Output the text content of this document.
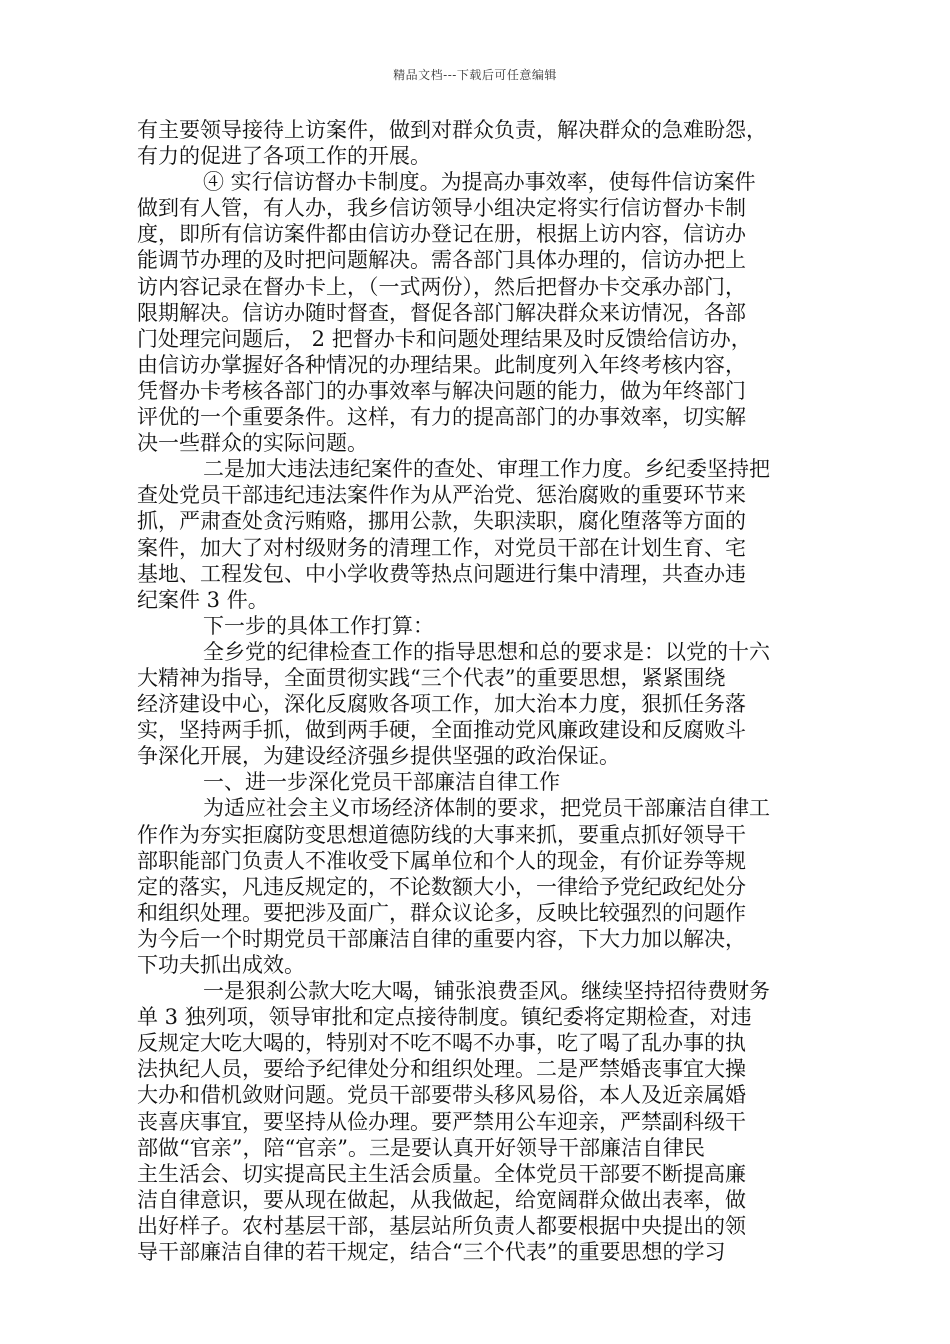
精品文档---下载后可任意编辑
有主要领导接待上访案件，做到对群众负责，解决群众的急难盼怨，
有力的促进了各项工作的开展。
④ 实行信访督办卡制度。为提高办事效率，使每件信访案件
做到有人管，有人办，我乡信访领导小组决定将实行信访督办卡制
度，即所有信访案件都由信访办登记在册，根据上访内容，信访办
能调节办理的及时把问题解决。需各部门具体办理的，信访办把上
访内容记录在督办卡上，（一式两份），然后把督办卡交承办部门，
限期解决。信访办随时督查，督促各部门解决群众来访情况，各部
门处理完问题后， 2 把督办卡和问题处理结果及时反馈给信访办，
由信访办掌握好各种情况的办理结果。此制度列入年终考核内容，
凭督办卡考核各部门的办事效率与解决问题的能力，做为年终部门
评优的一个重要条件。这样，有力的提高部门的办事效率，切实解
决一些群众的实际问题。
二是加大违法违纪案件的查处、审理工作力度。乡纪委坚持把
查处党员干部违纪违法案件作为从严治党、惩治腐败的重要环节来
抓，严肃查处贪污贿赂，挪用公款，失职渎职，腐化堕落等方面的
案件，加大了对村级财务的清理工作，对党员干部在计划生育、宅
基地、工程发包、中小学收费等热点问题进行集中清理，共查办违
纪案件 3 件。
下一步的具体工作打算：
全乡党的纪律检查工作的指导思想和总的要求是：以党的十六
大精神为指导，全面贯彻实践“三个代表”的重要思想，紧紧围绕
经济建设中心，深化反腐败各项工作，加大治本力度，狠抓任务落
实，坚持两手抓，做到两手硬，全面推动党风廉政建设和反腐败斗
争深化开展，为建设经济强乡提供坚强的政治保证。
一、进一步深化党员干部廉洁自律工作
为适应社会主义市场经济体制的要求，把党员干部廉洁自律工
作作为夯实拒腐防变思想道德防线的大事来抓，要重点抓好领导干
部职能部门负责人不准收受下属单位和个人的现金，有价证券等规
定的落实，凡违反规定的，不论数额大小，一律给予党纪政纪处分
和组织处理。要把涉及面广，群众议论多，反映比较强烈的问题作
为今后一个时期党员干部廉洁自律的重要内容，下大力加以解决，
下功夫抓出成效。
一是狠刹公款大吃大喝，铺张浪费歪风。继续坚持招待费财务
单 3 独列项，领导审批和定点接待制度。镇纪委将定期检查，对违
反规定大吃大喝的，特别对不吃不喝不办事，吃了喝了乱办事的执
法执纪人员，要给予纪律处分和组织处理。二是严禁婚丧事宜大操
大办和借机敛财问题。党员干部要带头移风易俗，本人及近亲属婚
丧喜庆事宜，要坚持从俭办理。要严禁用公车迎亲，严禁副科级干
部做“官亲”，陪“官亲”。三是要认真开好领导干部廉洁自律民
主生活会、切实提高民主生活会质量。全体党员干部要不断提高廉
洁自律意识，要从现在做起，从我做起，给宽阔群众做出表率，做
出好样子。农村基层干部，基层站所负责人都要根据中央提出的领
导干部廉洁自律的若干规定，结合“三个代表”的重要思想的学习
